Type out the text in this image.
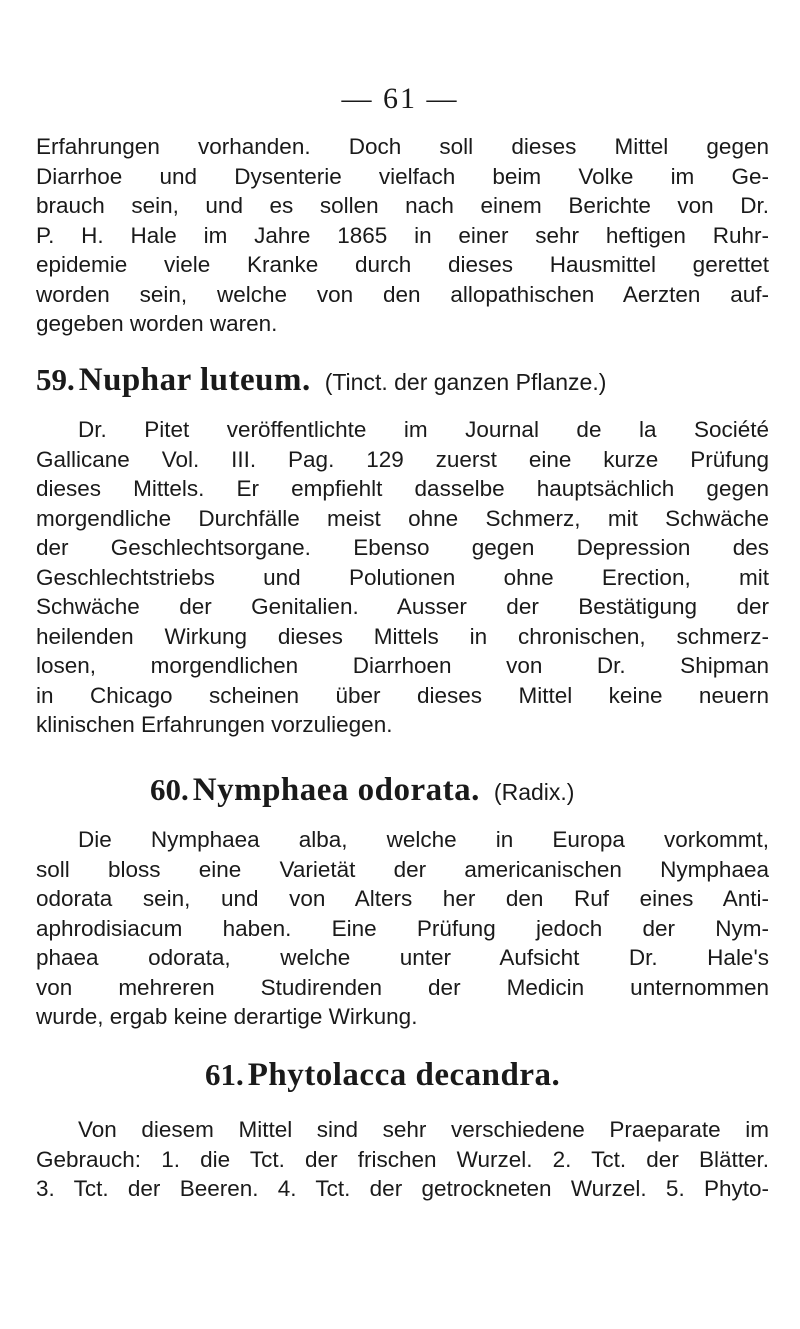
— 61 —
Erfahrungen vorhanden. Doch soll dieses Mittel gegen
Diarrhoe und Dysenterie vielfach beim Volke im Ge-
brauch sein, und es sollen nach einem Berichte von Dr.
P. H. Hale im Jahre 1865 in einer sehr heftigen Ruhr-
epidemie viele Kranke durch dieses Hausmittel gerettet
worden sein, welche von den allopathischen Aerzten auf-
gegeben worden waren.
59. Nuphar luteum. (Tinct. der ganzen Pflanze.)
Dr. Pitet veröffentlichte im Journal de la Société
Gallicane Vol. III. Pag. 129 zuerst eine kurze Prüfung
dieses Mittels. Er empfiehlt dasselbe hauptsächlich gegen
morgendliche Durchfälle meist ohne Schmerz, mit Schwäche
der Geschlechtsorgane. Ebenso gegen Depression des
Geschlechtstriebs und Polutionen ohne Erection, mit
Schwäche der Genitalien. Ausser der Bestätigung der
heilenden Wirkung dieses Mittels in chronischen, schmerz-
losen, morgendlichen Diarrhoen von Dr. Shipman
in Chicago scheinen über dieses Mittel keine neuern
klinischen Erfahrungen vorzuliegen.
60. Nymphaea odorata. (Radix.)
Die Nymphaea alba, welche in Europa vorkommt,
soll bloss eine Varietät der americanischen Nymphaea
odorata sein, und von Alters her den Ruf eines Anti-
aphrodisiacum haben. Eine Prüfung jedoch der Nym-
phaea odorata, welche unter Aufsicht Dr. Hale's
von mehreren Studirenden der Medicin unternommen
wurde, ergab keine derartige Wirkung.
61. Phytolacca decandra.
Von diesem Mittel sind sehr verschiedene Praeparate im
Gebrauch: 1. die Tct. der frischen Wurzel. 2. Tct. der Blätter.
3. Tct. der Beeren. 4. Tct. der getrockneten Wurzel. 5. Phyto-
